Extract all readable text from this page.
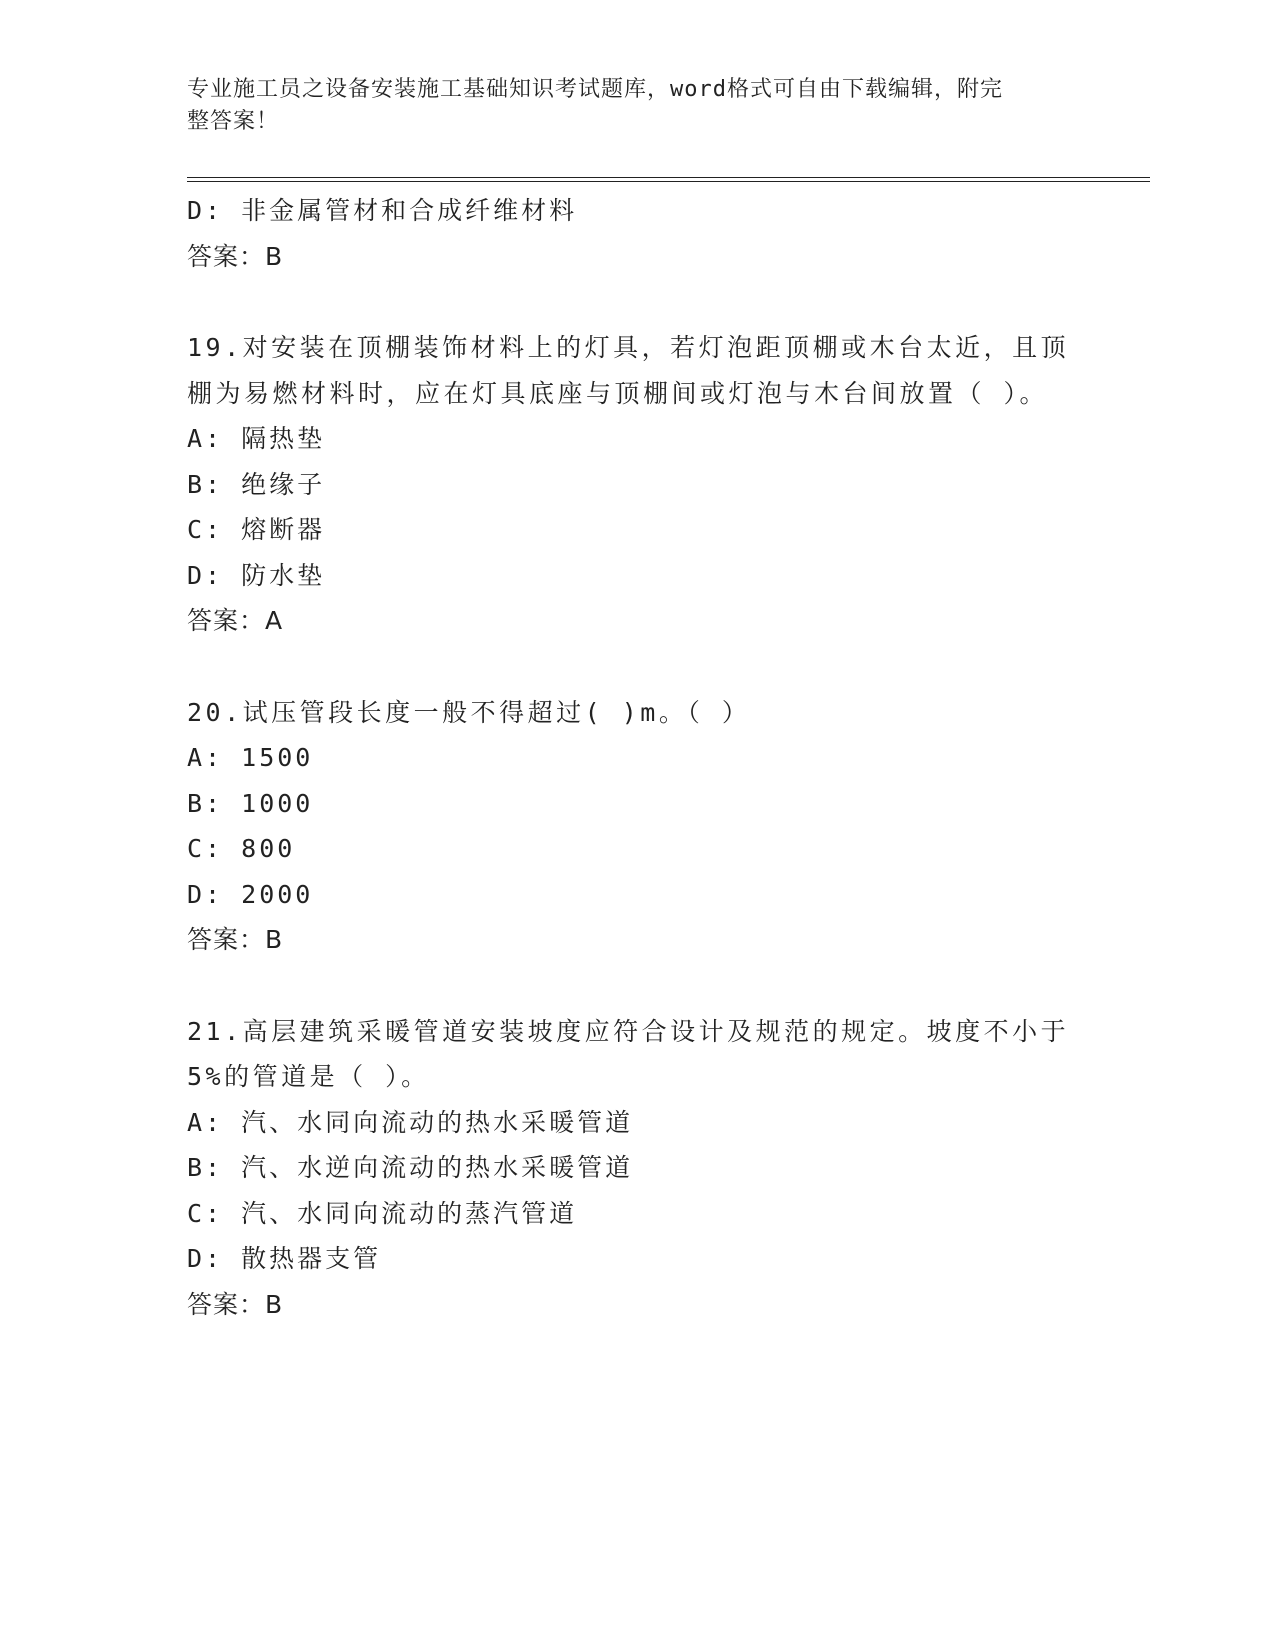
专业施工员之设备安装施工基础知识考试题库，word格式可自由下载编辑，附完
整答案！
D: 非金属管材和合成纤维材料
答案：B
19.对安装在顶棚装饰材料上的灯具，若灯泡距顶棚或木台太近，且顶
棚为易燃材料时，应在灯具底座与顶棚间或灯泡与木台间放置（ ）。
A: 隔热垫
B: 绝缘子
C: 熔断器
D: 防水垫
答案：A
20.试压管段长度一般不得超过( )m。（ ）
A: 1500
B: 1000
C: 800
D: 2000
答案：B
21.高层建筑采暖管道安装坡度应符合设计及规范的规定。坡度不小于
5%的管道是（ ）。
A: 汽、水同向流动的热水采暖管道
B: 汽、水逆向流动的热水采暖管道
C: 汽、水同向流动的蒸汽管道
D: 散热器支管
答案：B
